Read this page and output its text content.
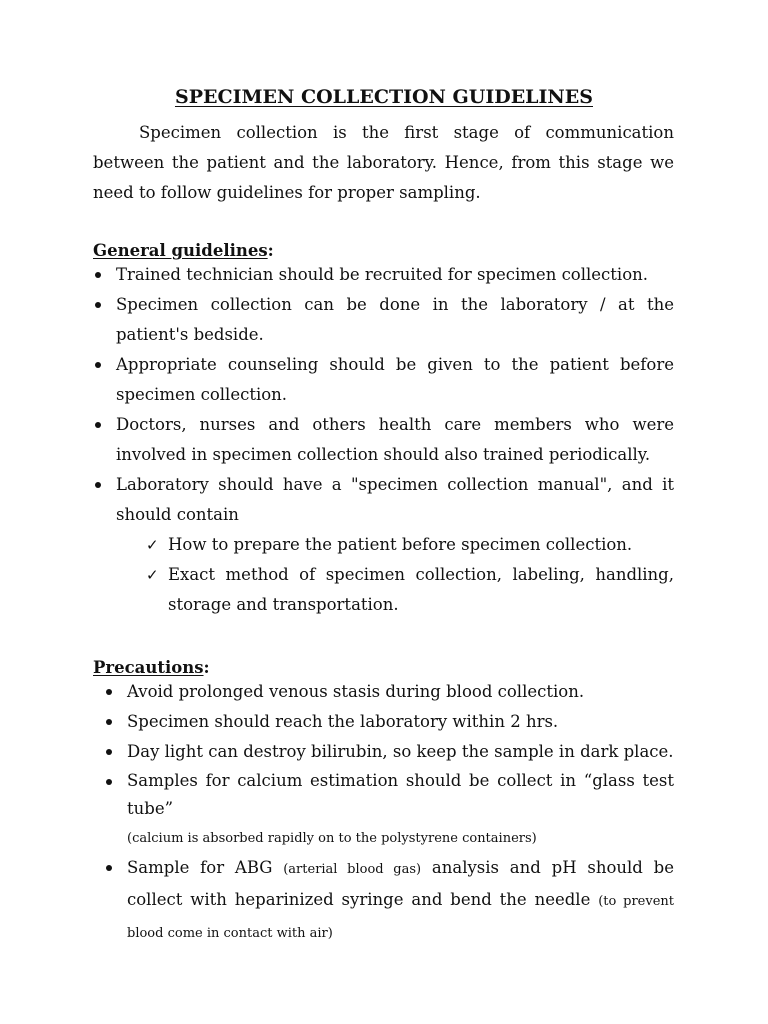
SPECIMEN COLLECTION GUIDELINES

Specimen collection is the first stage of communication between the patient and the laboratory. Hence, from this stage we need to follow guidelines for proper sampling.

General guidelines:

Trained technician should be recruited for specimen collection.
Specimen collection can be done in the laboratory / at the patient's bedside.
Appropriate counseling should be given to the patient before specimen collection.
Doctors, nurses and others health care members who were involved in specimen collection should also trained periodically.
Laboratory should have a "specimen collection manual", and it should contain
✓ How to prepare the patient before specimen collection.
✓ Exact method of specimen collection, labeling, handling, storage and transportation.

Precautions:

Avoid prolonged venous stasis during blood collection.
Specimen should reach the laboratory within 2 hrs.
Day light can destroy bilirubin, so keep the sample in dark place.
Samples for calcium estimation should be collect in “glass test tube”
(calcium is absorbed rapidly on to the polystyrene containers)
Sample for ABG (arterial blood gas) analysis and pH should be collect with heparinized syringe and bend the needle (to prevent blood come in contact with air)
